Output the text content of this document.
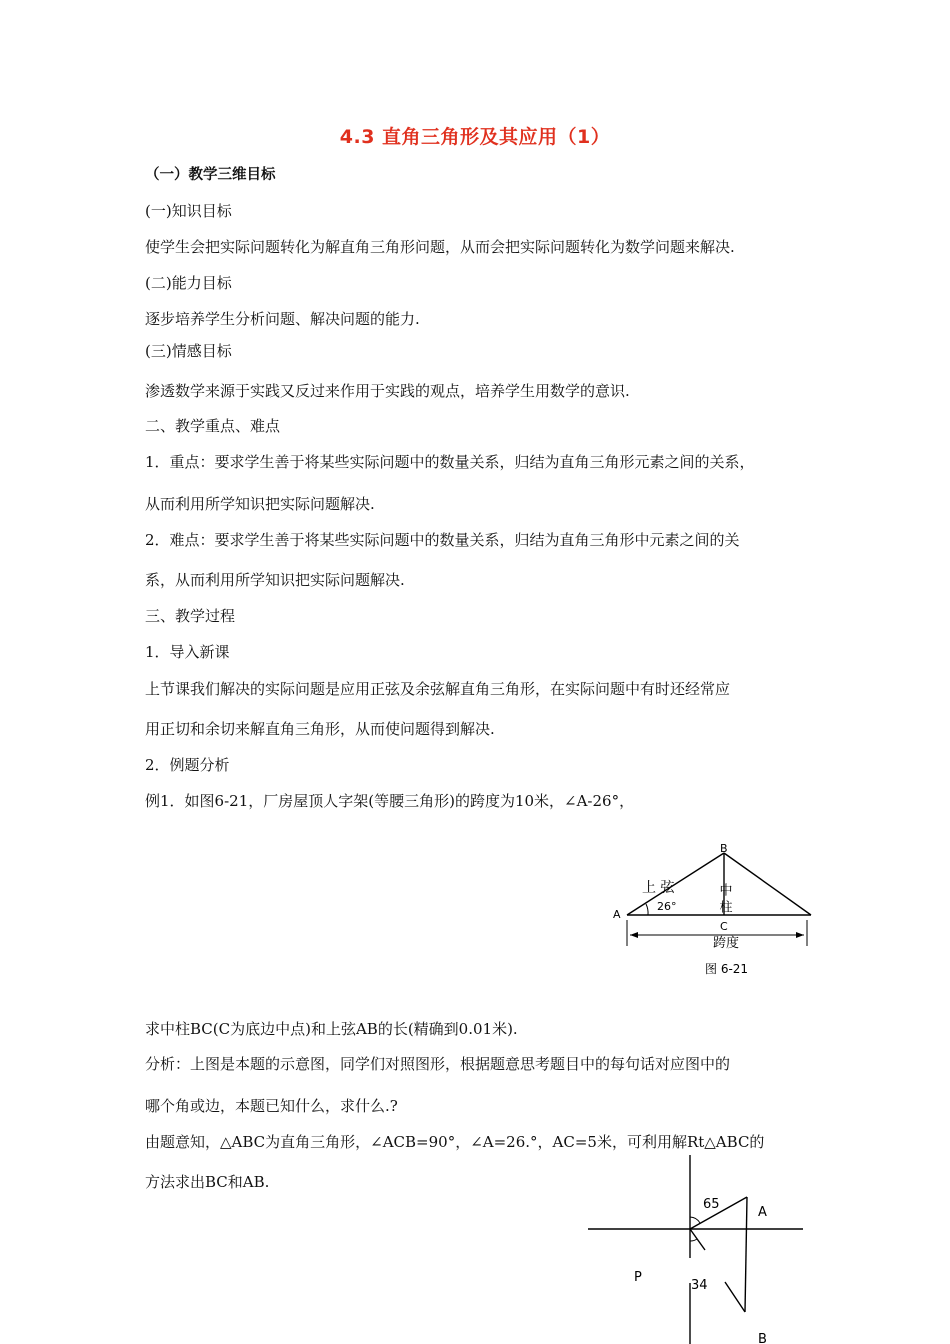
4.3 直角三角形及其应用（1）
（一）教学三维目标
(一)知识目标
使学生会把实际问题转化为解直角三角形问题，从而会把实际问题转化为数学问题来解决.
(二)能力目标
逐步培养学生分析问题、解决问题的能力.
(三)情感目标
渗透数学来源于实践又反过来作用于实践的观点，培养学生用数学的意识.
二、教学重点、难点
1．重点：要求学生善于将某些实际问题中的数量关系，归结为直角三角形元素之间的关系，
从而利用所学知识把实际问题解决.
2．难点：要求学生善于将某些实际问题中的数量关系，归结为直角三角形中元素之间的关
系，从而利用所学知识把实际问题解决.
三、教学过程
1．导入新课
上节课我们解决的实际问题是应用正弦及余弦解直角三角形，在实际问题中有时还经常应
用正切和余切来解直角三角形，从而使问题得到解决.
2．例题分析
例1．如图6-21，厂房屋顶人字架(等腰三角形)的跨度为10米，∠A-26°，
B
A
C
上 弦	中 柱
26°
跨度
图 6-21
求中柱BC(C为底边中点)和上弦AB的长(精确到0.01米).
分析：上图是本题的示意图，同学们对照图形，根据题意思考题目中的每句话对应图中的
哪个角或边，本题已知什么，求什么.?
由题意知，△ABC为直角三角形，∠ACB=90°，∠A=26.°，AC=5米，可利用解Rt△ABC的
方法求出BC和AB.
65
A
P
34
B
